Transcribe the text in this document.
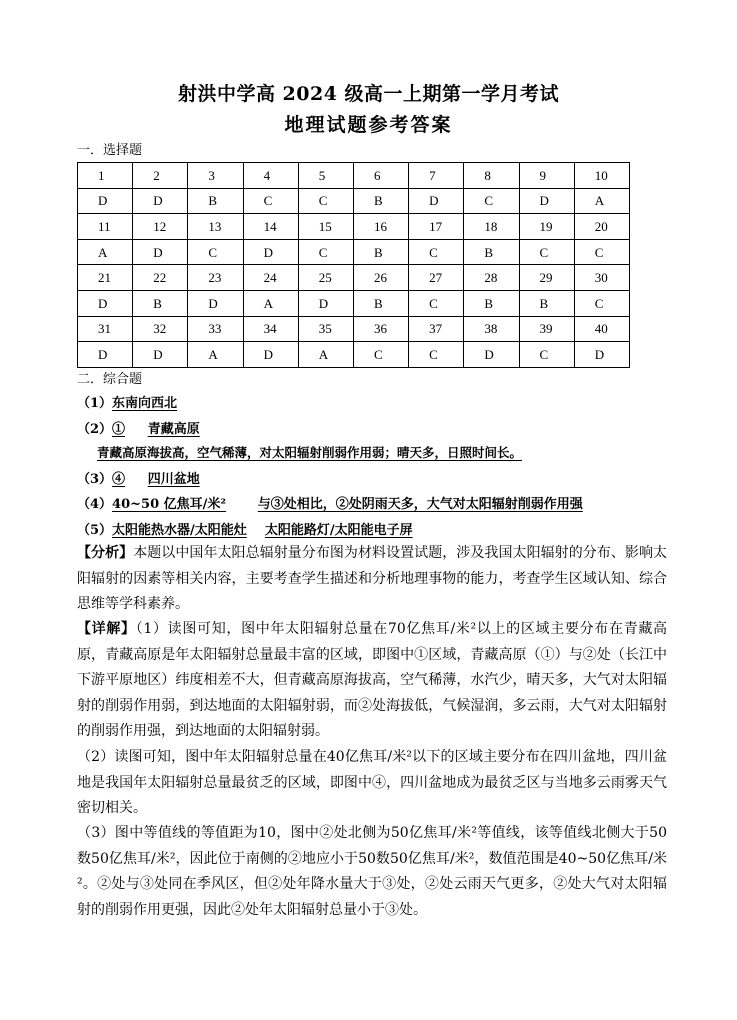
射洪中学高 2024 级高一上期第一学月考试
地理试题参考答案
一．选择题
1	2	3	4	5	6	7	8	9	10
D	D	B	C	C	B	D	C	D	A
11	12	13	14	15	16	17	18	19	20
A	D	C	D	C	B	C	B	C	C
21	22	23	24	25	26	27	28	29	30
D	B	D	A	D	B	C	B	B	C
31	32	33	34	35	36	37	38	39	40
D	D	A	D	A	C	C	D	C	D
二．综合题
（1）东南向西北
（2）① 青藏高原
青藏高原海拔高，空气稀薄，对太阳辐射削弱作用弱；晴天多，日照时间长。
（3）④ 四川盆地
（4）40~50 亿焦耳/米² 与③处相比，②处阴雨天多，大气对太阳辐射削弱作用强
（5）太阳能热水器/太阳能灶 太阳能路灯/太阳能电子屏
【分析】本题以中国年太阳总辐射量分布图为材料设置试题，涉及我国太阳辐射的分布、影响太阳辐射的因素等相关内容，主要考查学生描述和分析地理事物的能力，考查学生区域认知、综合思维等学科素养。
【详解】（1）读图可知，图中年太阳辐射总量在70亿焦耳/米²以上的区域主要分布在青藏高原，青藏高原是年太阳辐射总量最丰富的区域，即图中①区域，青藏高原（①）与②处（长江中下游平原地区）纬度相差不大，但青藏高原海拔高，空气稀薄，水汽少，晴天多，大气对太阳辐射的削弱作用弱，到达地面的太阳辐射弱，而②处海拔低，气候湿润，多云雨，大气对太阳辐射的削弱作用强，到达地面的太阳辐射弱。
（2）读图可知，图中年太阳辐射总量在40亿焦耳/米²以下的区域主要分布在四川盆地，四川盆地是我国年太阳辐射总量最贫乏的区域，即图中④，四川盆地成为最贫乏区与当地多云雨雾天气密切相关。
（3）图中等值线的等值距为10，图中②处北侧为50亿焦耳/米²等值线，该等值线北侧大于50数50亿焦耳/米²，因此位于南侧的②地应小于50数50亿焦耳/米²，数值范围是40~50亿焦耳/米²。②处与③处同在季风区，但②处年降水量大于③处，②处云雨天气更多，②处大气对太阳辐射的削弱作用更强，因此②处年太阳辐射总量小于③处。
